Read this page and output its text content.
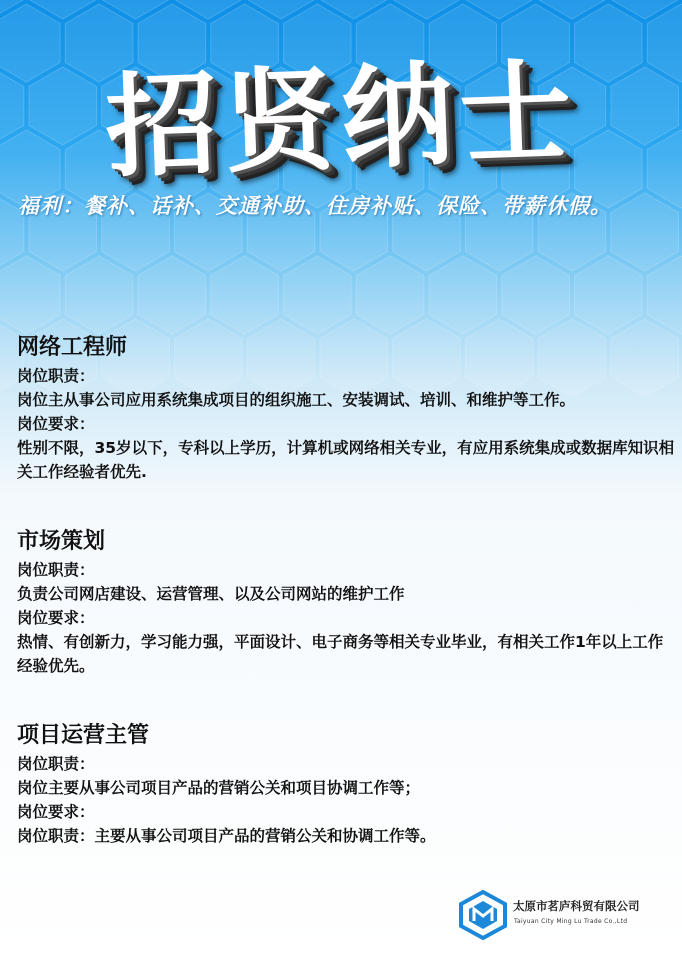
招贤纳士
福利：餐补、话补、交通补助、住房补贴、保险、带薪休假。
网络工程师
岗位职责：
岗位主从事公司应用系统集成项目的组织施工、安装调试、培训、和维护等工作。
岗位要求：
性别不限，35岁以下，专科以上学历，计算机或网络相关专业，有应用系统集成或数据库知识相关工作经验者优先.
市场策划
岗位职责：
负责公司网店建设、运营管理、以及公司网站的维护工作
岗位要求：
热情、有创新力，学习能力强，平面设计、电子商务等相关专业毕业，有相关工作1年以上工作经验优先。
项目运营主管
岗位职责：
岗位主要从事公司项目产品的营销公关和项目协调工作等；
岗位要求：
岗位职责：主要从事公司项目产品的营销公关和协调工作等。
太原市茗庐科贸有限公司
Taiyuan City Ming Lu Trade Co.,Ltd
